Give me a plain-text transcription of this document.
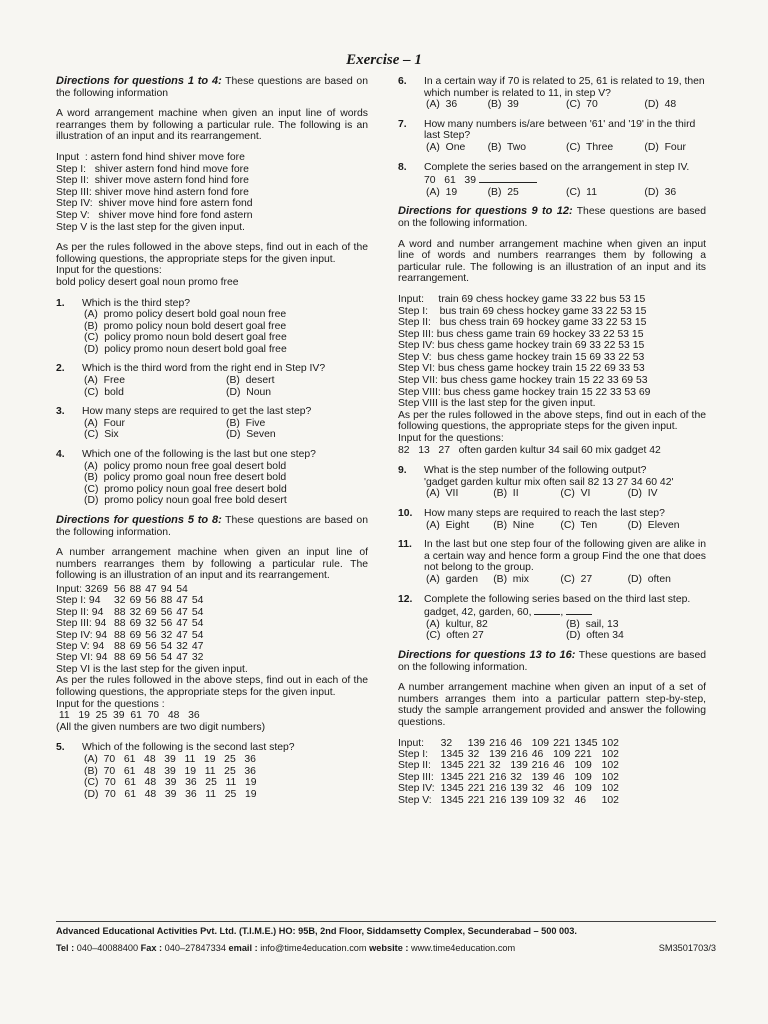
Exercise – 1

Directions for questions 1 to 4: These questions are based on the following information

A word arrangement machine when given an input line of words rearranges them by following a particular rule. The following is an illustration of an input and its rearrangement.

Input  : astern fond hind shiver move fore
Step I:   shiver astern fond hind move fore
Step II:  shiver move astern fond hind fore
Step III: shiver move hind astern fond fore
Step IV:  shiver move hind fore astern fond
Step V:   shiver move hind fore fond astern
Step V is the last step for the given input.
As per the rules followed in the above steps, find out in each of the following questions, the appropriate steps for the given input.
Input for the questions:
bold policy desert goal noun promo free
1.	Which is the third step?
(A)  promo policy desert bold goal noun free
(B)  promo policy noun bold desert goal free
(C)  policy promo noun bold desert goal free
(D)  policy promo noun desert bold goal free
2.	Which is the third word from the right end in Step IV?
(A)  Free	(B)  desert
(C)  bold	(D)  Noun
3.	How many steps are required to get the last step?
(A)  Four	(B)  Five
(C)  Six	(D)  Seven
4.	Which one of the following is the last but one step?
(A)  policy promo noun free goal desert bold
(B)  policy promo goal noun free desert bold
(C)  promo policy noun goal free desert bold
(D)  promo policy noun goal free bold desert

Directions for questions 5 to 8: These questions are based on the following information.

A number arrangement machine when given an input line of numbers rearranges them by following a particular rule. The following is an illustration of an input and its rearrangement.

Input: 3269	56	88	47	94	54	
Step I: 94	32	69	56	88	47	54
Step II: 94	88	32	69	56	47	54
Step III: 94	88	69	32	56	47	54
Step IV: 94	88	69	56	32	47	54
Step V: 94	88	69	56	54	32	47
Step VI: 94	88	69	56	54	47	32
Step VI is the last step for the given input.
As per the rules followed in the above steps, find out in each of the following questions, the appropriate steps for the given input.
Input for the questions :
11   19  25  39  61  70   48   36
(All the given numbers are two digit numbers)
5.	Which of the following is the second last step?
(A)  70   61   48   39   11   19   25   36
(B)  70   61   48   39   19   11   25   36
(C)  70   61   48   39   36   25   11   19
(D)  70   61   48   39   36   11   25   19
6.	In a certain way if 70 is related to 25, 61 is related to 19, then which number is related to 11, in step V?
(A)  36	(B)  39	(C)  70	(D)  48
7.	How many numbers is/are between '61' and '19' in the third last Step?
(A)  One	(B)  Two	(C)  Three	(D)  Four
8.	Complete the series based on the arrangement in step IV.
70   61   39
(A)  19	(B)  25	(C)  11	(D)  36

Directions for questions 9 to 12: These questions are based on the following information.

A word and number arrangement machine when given an input line of words and numbers rearranges them by following a particular rule. The following is an illustration of an input and its rearrangement.

Input:     train 69 chess hockey game 33 22 bus 53 15
Step I:    bus train 69 chess hockey game 33 22 53 15
Step II:   bus chess train 69 hockey game 33 22 53 15
Step III: bus chess game train 69 hockey 33 22 53 15
Step IV: bus chess game hockey train 69 33 22 53 15
Step V:  bus chess game hockey train 15 69 33 22 53
Step VI: bus chess game hockey train 15 22 69 33 53
Step VII: bus chess game hockey train 15 22 33 69 53
Step VIII: bus chess game hockey train 15 22 33 53 69
Step VIII is the last step for the given input.
As per the rules followed in the above steps, find out in each of the following questions, the appropriate steps for the given input.
Input for the questions:
82   13   27   often garden kultur 34 sail 60 mix gadget 42
9.	What is the step number of the following output?
'gadget garden kultur mix often sail 82 13 27 34 60 42'
(A)  VII	(B)  II	(C)  VI	(D)  IV
10.	How many steps are required to reach the last step?
(A)  Eight	(B)  Nine	(C)  Ten	(D)  Eleven
11.	In the last but one step four of the following given are alike in a certain way and hence form a group Find the one that does not belong to the group.
(A)  garden	(B)  mix	(C)  27	(D)  often
12.	Complete the following series based on the third last step.
gadget, 42, garden, 60,	,
(A)  kultur, 82	(B)  sail, 13
(C)  often 27	(D)  often 34

Directions for questions 13 to 16: These questions are based on the following information.

A number arrangement machine when given an input of a set of numbers arranges them into a particular pattern step-by-step, study the sample arrangement provided and answer the following questions.

Input:	32	139	216	46	109	221	1345	102
Step I:	1345	32	139	216	46	109	221	102
Step II:	1345	221	32	139	216	46	109	102
Step III:	1345	221	216	32	139	46	109	102
Step IV:	1345	221	216	139	32	46	109	102
Step V:	1345	221	216	139	109	32	46	102
Advanced Educational Activities Pvt. Ltd. (T.I.M.E.) HO: 95B, 2nd Floor, Siddamsetty Complex, Secunderabad – 500 003.
Tel : 040–40088400 Fax : 040–27847334 email : info@time4education.com website : www.time4education.com	SM3501703/3
